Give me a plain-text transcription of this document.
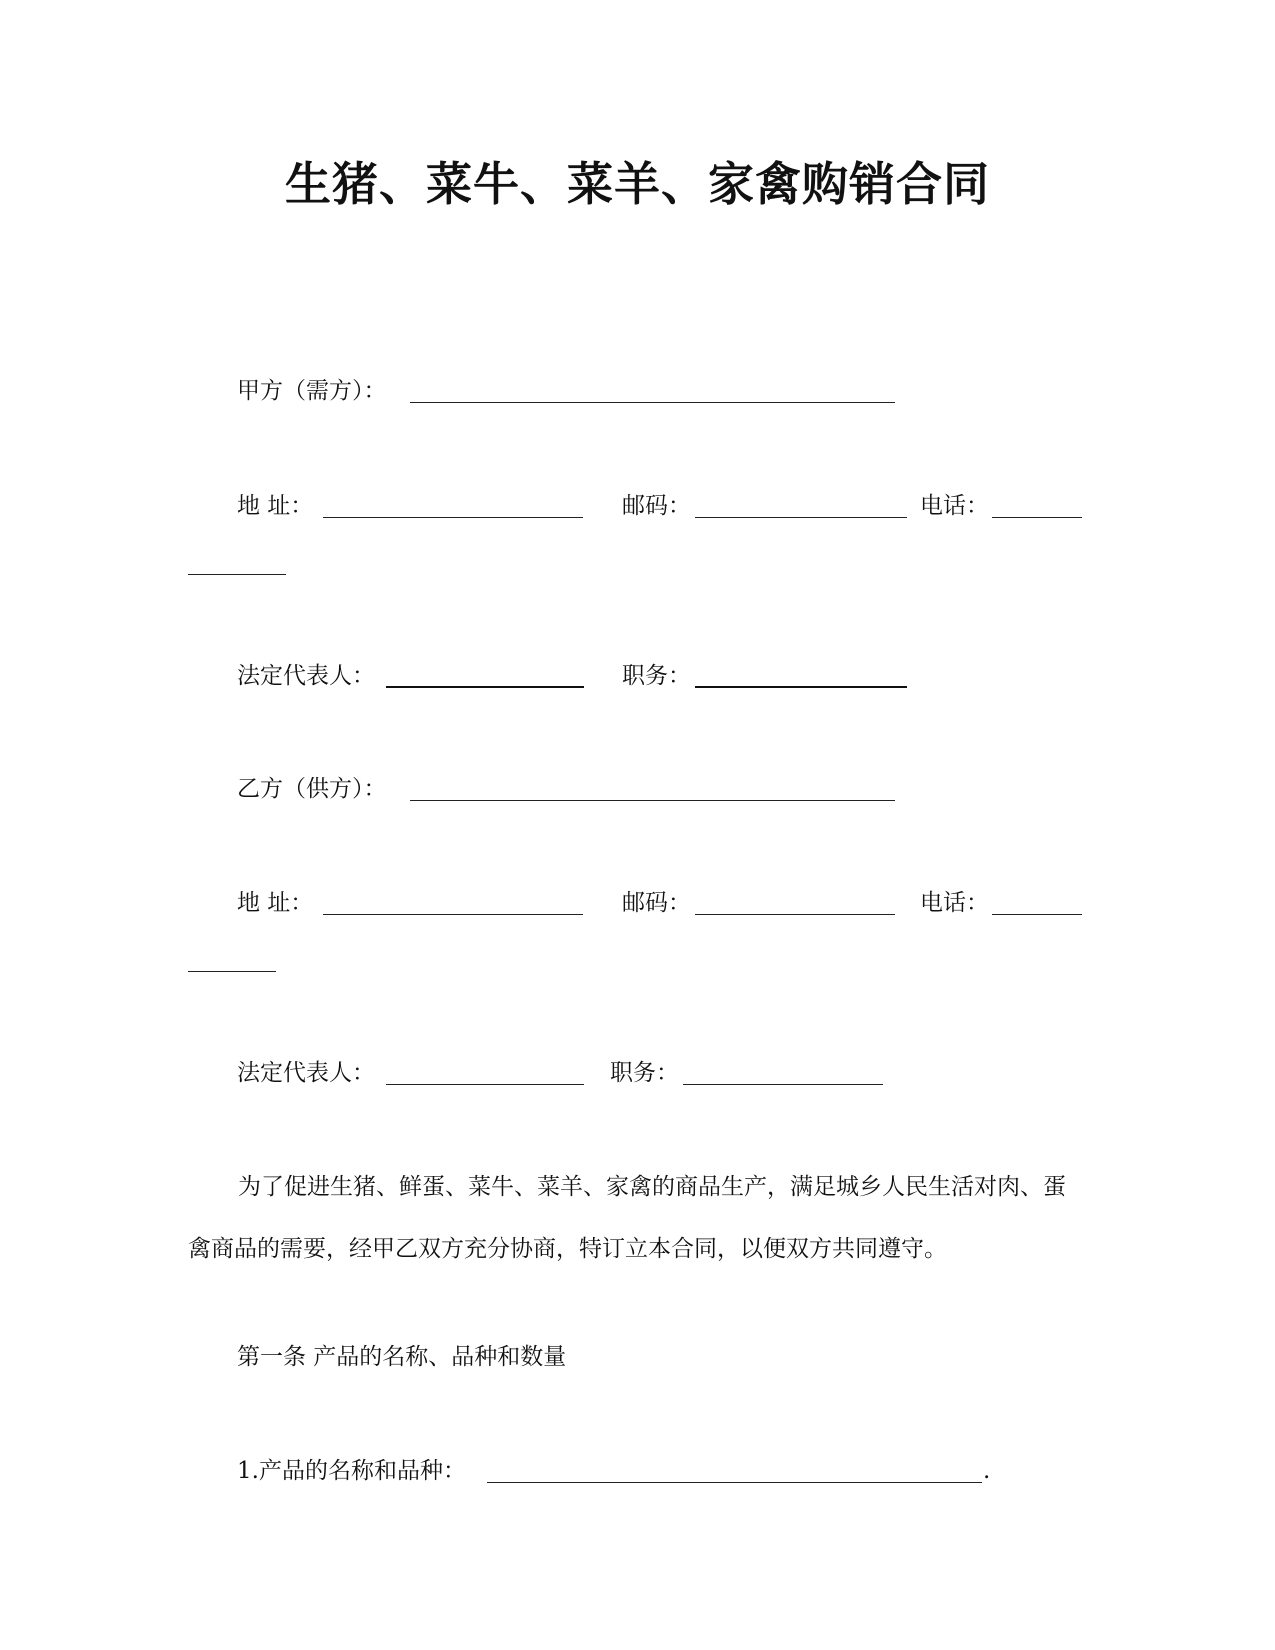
生猪、菜牛、菜羊、家禽购销合同
甲方（需方）：
地 址：	邮码：	电话：
法定代表人：	职务：
乙方（供方）：
地 址：	邮码：	电话：
法定代表人：	职务：
为了促进生猪、鲜蛋、菜牛、菜羊、家禽的商品生产，满足城乡人民生活对肉、蛋禽商品的需要，经甲乙双方充分协商，特订立本合同，以便双方共同遵守。
第一条 产品的名称、品种和数量
1.产品的名称和品种：	.
